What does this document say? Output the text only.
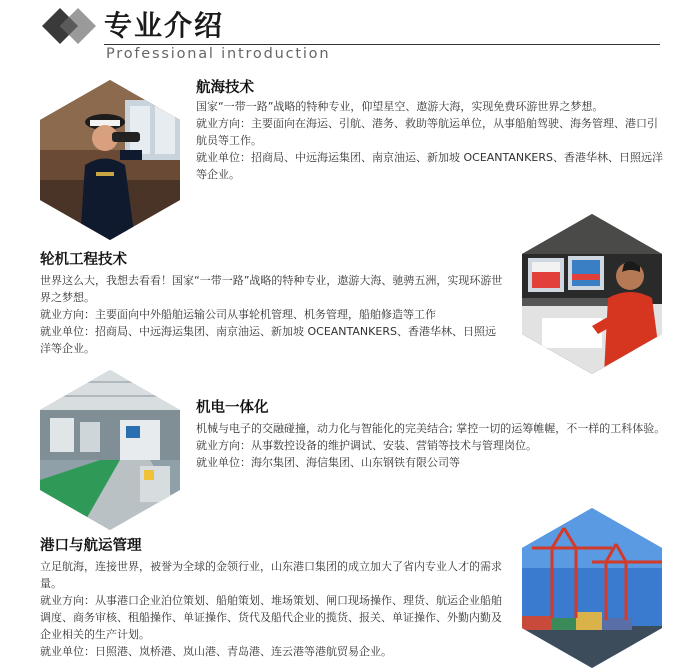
专业介绍
Professional introduction
航海技术

国家“一带一路”战略的特种专业，仰望星空、遨游大海，实现免费环游世界之梦想。

就业方向：主要面向在海运、引航、港务、救助等航运单位，从事船舶驾驶、海务管理、港口引航员等工作。

就业单位：招商局、中远海运集团、南京油运、新加坡 OCEANTANKERS、香港华林、日照远洋等企业。

轮机工程技术

世界这么大，我想去看看！国家“一带一路”战略的特种专业，遨游大海、驰骋五洲，实现环游世界之梦想。

就业方向：主要面向中外船舶运输公司从事轮机管理、机务管理，船舶修造等工作

就业单位：招商局、中远海运集团、南京油运、新加坡 OCEANTANKERS、香港华林、日照远洋等企业。

机电一体化

机械与电子的交融碰撞，动力化与智能化的完美结合; 掌控一切的运筹帷幄，不一样的工科体验。

就业方向：从事数控设备的维护调试、安装、营销等技术与管理岗位。

就业单位：海尔集团、海信集团、山东钢铁有限公司等

港口与航运管理

立足航海，连接世界，被誉为全球的金领行业，山东港口集团的成立加大了省内专业人才的需求量。

就业方向：从事港口企业泊位策划、船舶策划、堆场策划、闸口现场操作、理货、航运企业船舶调度、商务审核、租船操作、单证操作、货代及船代企业的揽货、报关、单证操作、外勤内勤及企业相关的生产计划。

就业单位：日照港、岚桥港、岚山港、青岛港、连云港等港航贸易企业。
